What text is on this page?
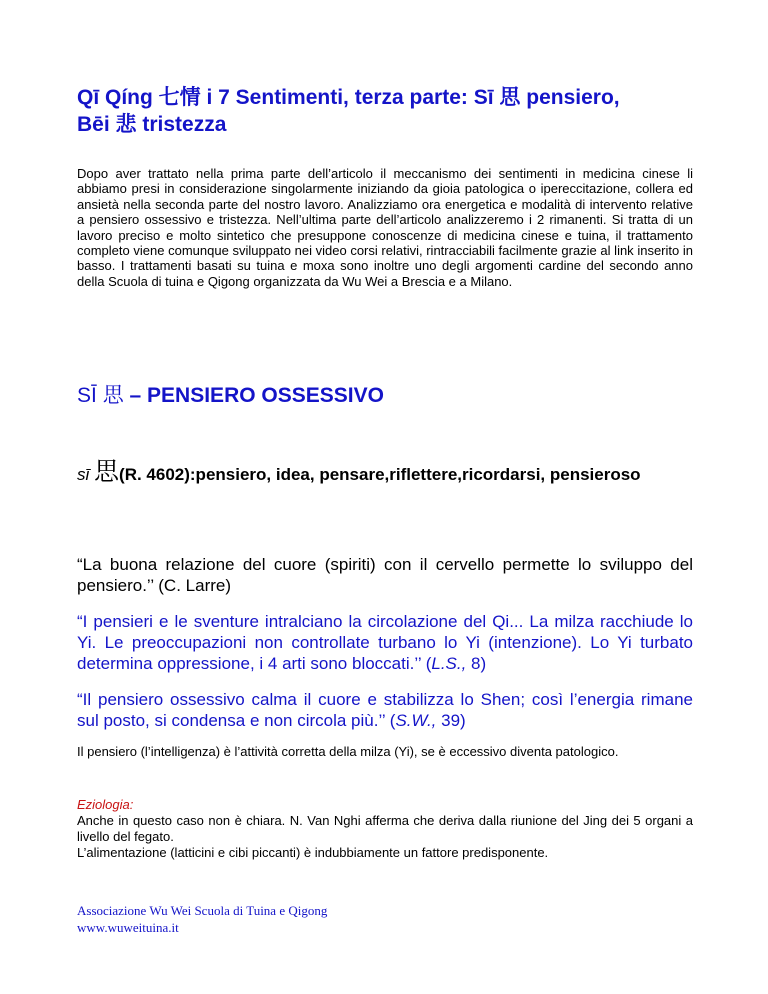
Qī Qíng 七情 i 7 Sentimenti, terza parte: Sī 思 pensiero,
Bēi 悲 tristezza

Dopo aver trattato nella prima parte dell’articolo il meccanismo dei sentimenti in medicina cinese li abbiamo presi in considerazione singolarmente iniziando da gioia patologica o ipereccitazione, collera ed ansietà nella seconda parte del nostro lavoro. Analizziamo ora energetica e modalità di intervento relative a pensiero ossessivo e tristezza. Nell’ultima parte dell’articolo analizzeremo i 2 rimanenti. Si tratta di un lavoro preciso e molto sintetico che presuppone conoscenze di medicina cinese e tuina, il trattamento completo viene comunque sviluppato nei video corsi relativi, rintracciabili facilmente grazie al link inserito in basso. I trattamenti basati su tuina e moxa sono inoltre uno degli argomenti cardine del secondo anno della Scuola di tuina e Qigong organizzata da Wu Wei a Brescia e a Milano.

SĪ 思 – PENSIERO OSSESSIVO

sī 思(R. 4602):pensiero, idea, pensare,riflettere,ricordarsi, pensieroso

“La buona relazione del cuore (spiriti) con il cervello permette lo sviluppo del pensiero.’’ (C. Larre)

“I pensieri e le sventure intralciano la circolazione del Qi... La milza racchiude lo Yi. Le preoccupazioni non controllate turbano lo Yi (intenzione). Lo Yi turbato determina oppressione, i 4 arti sono bloccati.’’ (L.S., 8)

“Il pensiero ossessivo calma il cuore e stabilizza lo Shen; così l’energia rimane sul posto, si condensa e non circola più.’’ (S.W., 39)

Il pensiero (l’intelligenza) è l’attività corretta della milza (Yi), se è eccessivo diventa patologico.

Eziologia:
Anche in questo caso non è chiara. N. Van Nghi afferma che deriva dalla riunione del Jing dei 5 organi a livello del fegato.
L’alimentazione (latticini e cibi piccanti) è indubbiamente un fattore predisponente.
Associazione Wu Wei Scuola di Tuina e Qigong
www.wuweituina.it
